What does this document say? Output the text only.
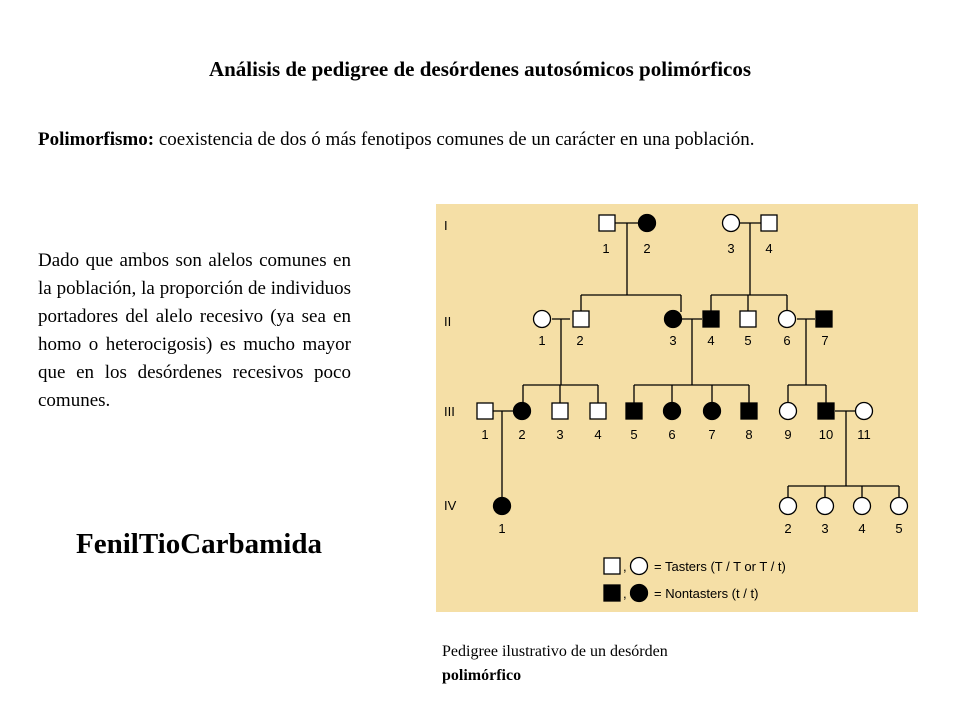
Análisis de pedigree de desórdenes autosómicos polimórficos
Polimorfismo: coexistencia de dos ó más fenotipos comunes de un carácter en una población.
Dado que ambos son alelos comunes en la población, la proporción de individuos portadores del alelo recesivo (ya sea en homo o heterocigosis) es mucho mayor que en los desórdenes recesivos poco comunes.
FenilTioCarbamida
I
II
III
IV
1	2	3 4
1 2	3 4 5 6 7
1 2 3 4 5 6	7 8 9 10 11
1	2 3 4 5
,
,
= Tasters (T / T or T / t)
= Nontasters (t / t)
Pedigree ilustrativo de un desórden
polimórfico
